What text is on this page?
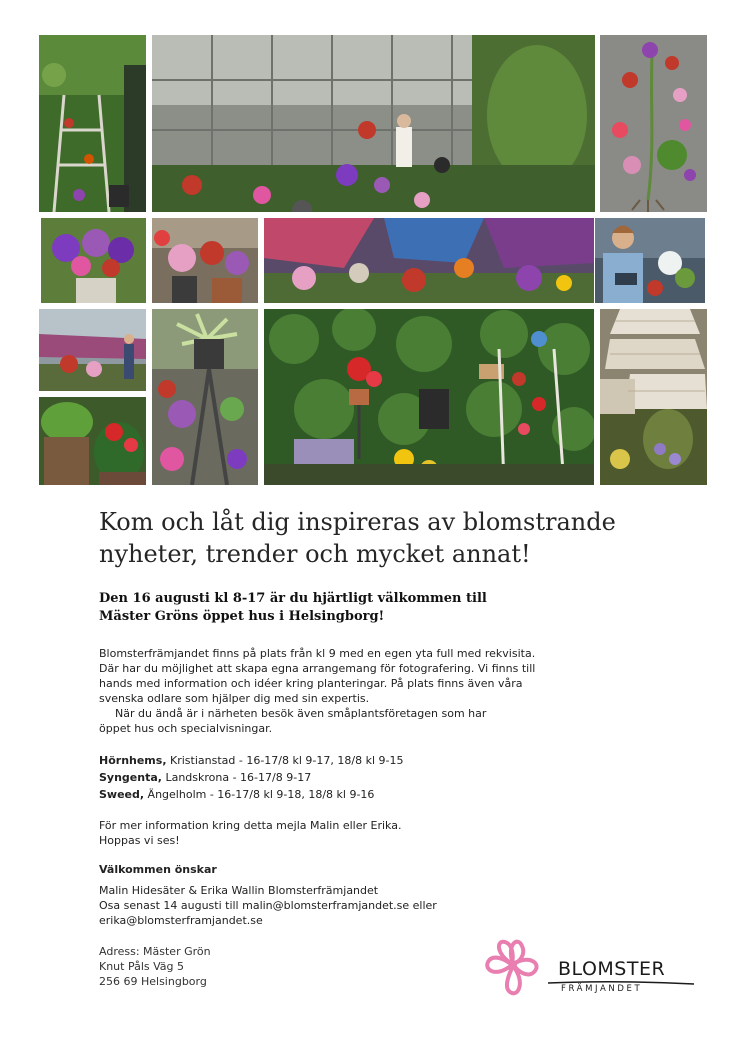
Kom och låt dig inspireras av blomstrande
nyheter, trender och mycket annat!
Den 16 augusti kl 8-17 är du hjärtligt välkommen till
Mäster Gröns öppet hus i Helsingborg!

Blomsterfrämjandet finns på plats från kl 9 med en egen yta full med rekvisita.
Där har du möjlighet att skapa egna arrangemang för fotografering. Vi finns till
hands med information och idéer kring planteringar. På plats finns även våra
svenska odlare som hjälper dig med sin expertis.

När du ändå är i närheten besök även småplantsföretagen som har
öppet hus och specialvisningar.

Hörnhems, Kristianstad - 16-17/8 kl 9-17, 18/8 kl 9-15
Syngenta, Landskrona - 16-17/8 9-17
Sweed, Ängelholm - 16-17/8 kl 9-18, 18/8 kl 9-16

För mer information kring detta mejla Malin eller Erika.
Hoppas vi ses!

Välkommen önskar
Malin Hidesäter & Erika Wallin Blomsterfrämjandet
Osa senast 14 augusti till malin@blomsterframjandet.se eller
erika@blomsterframjandet.se

Adress: Mäster Grön
Knut Påls Väg 5
256 69 Helsingborg

BLOMSTER
FRÄMJANDET
